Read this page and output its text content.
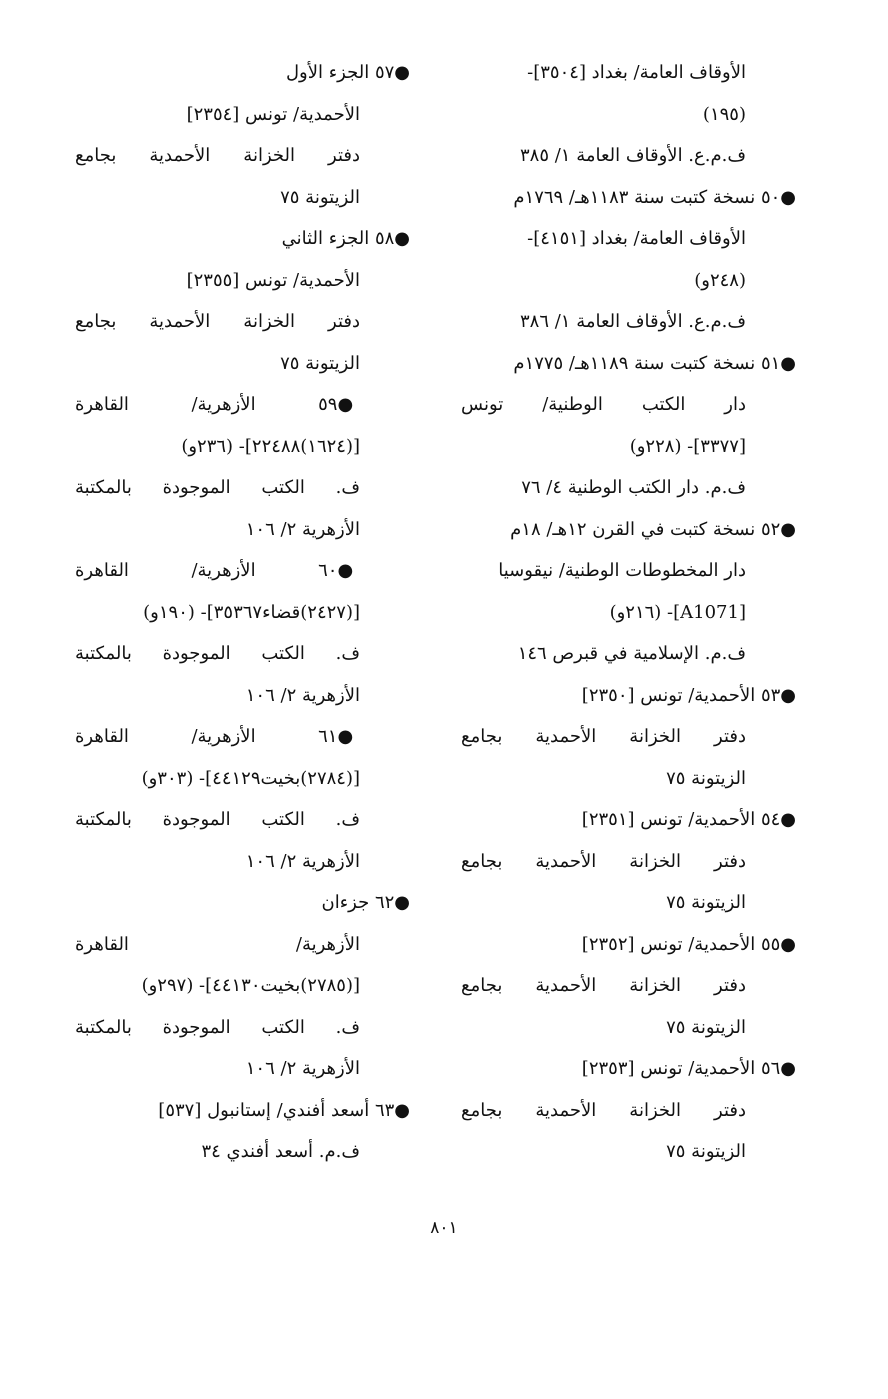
الأوقاف العامة/ بغداد [٣٥٠٤]-
(١٩٥)
ف.م.ع. الأوقاف العامة ١/ ٣٨٥
●٥٠ نسخة كتبت سنة ١١٨٣هـ/ ١٧٦٩م
الأوقاف العامة/ بغداد [٤١٥١]-
(٢٤٨و)
ف.م.ع. الأوقاف العامة ١/ ٣٨٦
●٥١ نسخة كتبت سنة ١١٨٩هـ/ ١٧٧٥م
دار الكتب الوطنية/ تونس
[٣٣٧٧]- (٢٢٨و)
ف.م. دار الكتب الوطنية ٤/ ٧٦
●٥٢ نسخة كتبت في القرن ١٢هـ/ ١٨م
دار المخطوطات الوطنية/ نيقوسيا
[A1071]- (٢١٦و)
ف.م. الإسلامية في قبرص ١٤٦
●٥٣ الأحمدية/ تونس [٢٣٥٠]
دفتر الخزانة الأحمدية بجامع
الزيتونة ٧٥
●٥٤ الأحمدية/ تونس [٢٣٥١]
دفتر الخزانة الأحمدية بجامع
الزيتونة ٧٥
●٥٥ الأحمدية/ تونس [٢٣٥٢]
دفتر الخزانة الأحمدية بجامع
الزيتونة ٧٥
●٥٦ الأحمدية/ تونس [٢٣٥٣]
دفتر الخزانة الأحمدية بجامع
الزيتونة ٧٥
●٥٧ الجزء الأول
الأحمدية/ تونس [٢٣٥٤]
دفتر الخزانة الأحمدية بجامع
الزيتونة ٧٥
●٥٨ الجزء الثاني
الأحمدية/ تونس [٢٣٥٥]
دفتر الخزانة الأحمدية بجامع
الزيتونة ٧٥
●٥٩ الأزهرية/ القاهرة
[(١٦٢٤)٢٢٤٨٨]- (٢٣٦و)
ف. الكتب الموجودة بالمكتبة
الأزهرية ٢/ ١٠٦
●٦٠ الأزهرية/ القاهرة
[(٢٤٢٧)قضاء٣٥٣٦٧]- (١٩٠و)
ف. الكتب الموجودة بالمكتبة
الأزهرية ٢/ ١٠٦
●٦١ الأزهرية/ القاهرة
[(٢٧٨٤)بخيت٤٤١٢٩]- (٣٠٣و)
ف. الكتب الموجودة بالمكتبة
الأزهرية ٢/ ١٠٦
●٦٢ جزءان
الأزهرية/ القاهرة
[(٢٧٨٥)بخيت٤٤١٣٠]- (٢٩٧و)
ف. الكتب الموجودة بالمكتبة
الأزهرية ٢/ ١٠٦
●٦٣ أسعد أفندي/ إستانبول [٥٣٧]
ف.م. أسعد أفندي ٣٤
٨٠١
